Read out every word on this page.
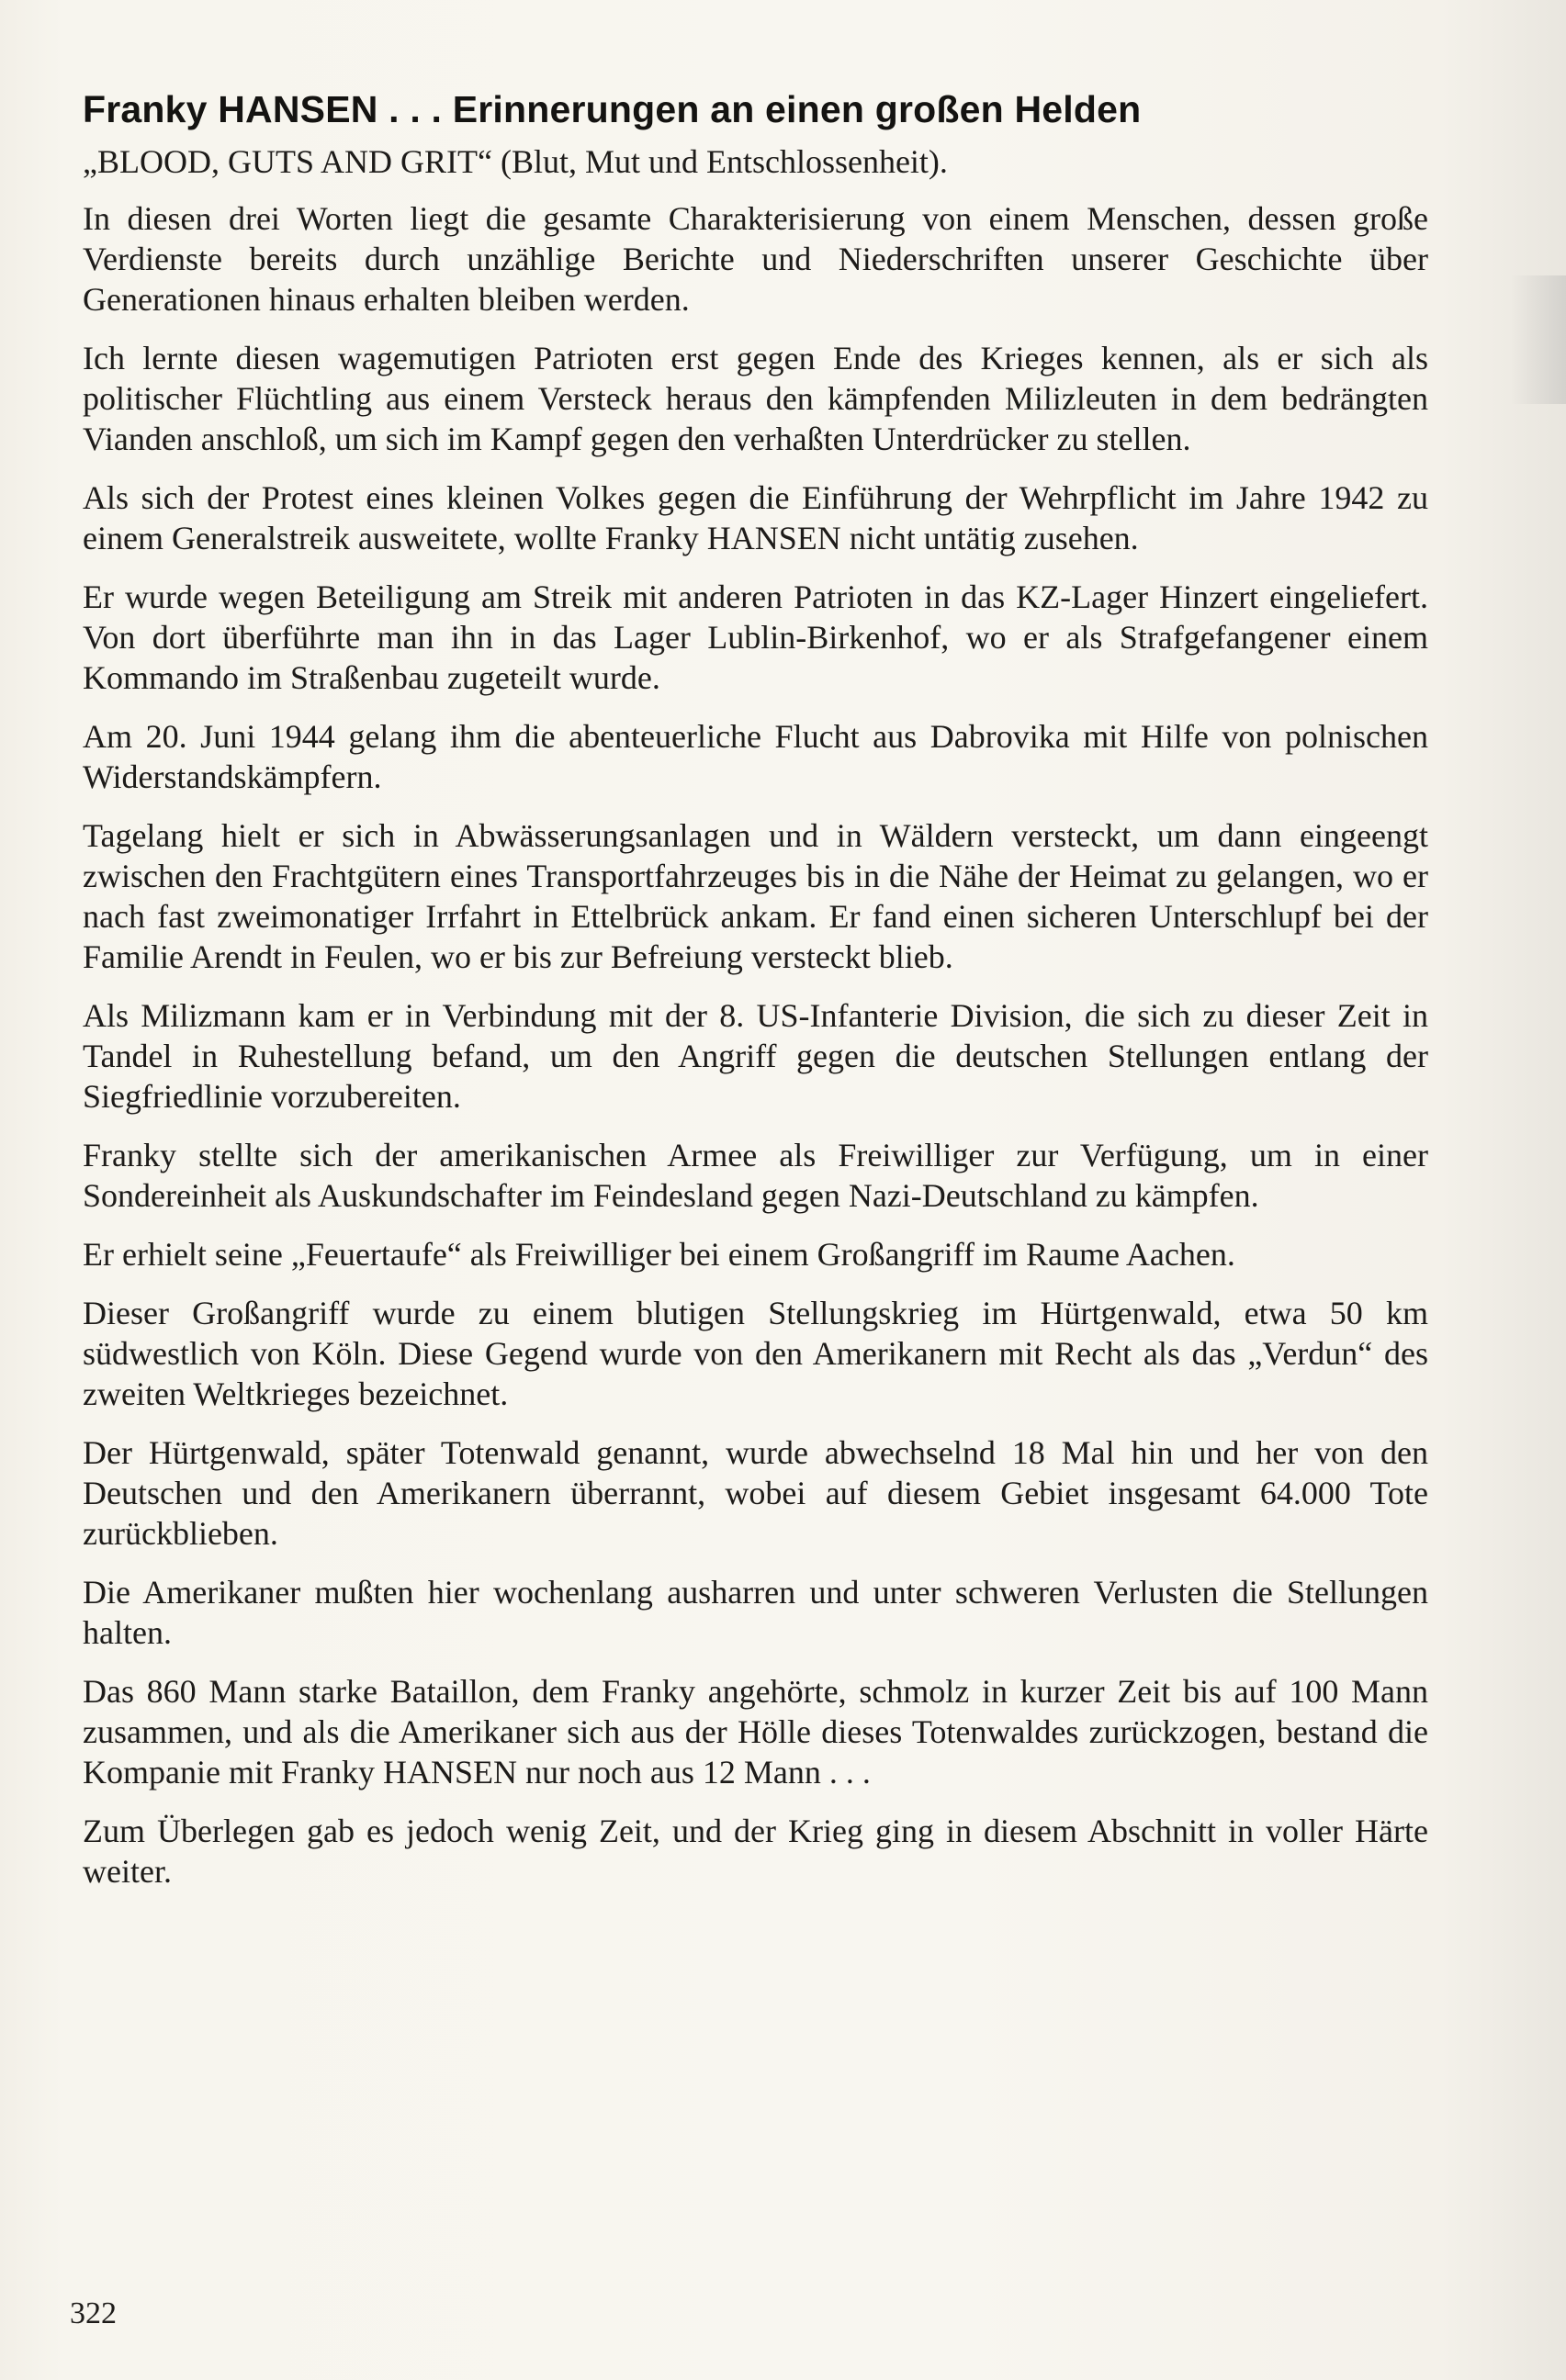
Franky HANSEN . . . Erinnerungen an einen großen Helden
„BLOOD, GUTS AND GRIT“ (Blut, Mut und Entschlossenheit).

In diesen drei Worten liegt die gesamte Charakterisierung von einem Menschen, dessen große Verdienste bereits durch unzählige Berichte und Niederschriften unserer Geschichte über Generationen hinaus erhalten bleiben werden.

Ich lernte diesen wagemutigen Patrioten erst gegen Ende des Krieges kennen, als er sich als politischer Flüchtling aus einem Versteck heraus den kämpfenden Milizleuten in dem bedrängten Vianden anschloß, um sich im Kampf gegen den verhaßten Unterdrücker zu stellen.

Als sich der Protest eines kleinen Volkes gegen die Einführung der Wehrpflicht im Jahre 1942 zu einem Generalstreik ausweitete, wollte Franky HANSEN nicht untätig zusehen.

Er wurde wegen Beteiligung am Streik mit anderen Patrioten in das KZ-Lager Hinzert eingeliefert. Von dort überführte man ihn in das Lager Lublin-Birkenhof, wo er als Strafgefangener einem Kommando im Straßenbau zugeteilt wurde.

Am 20. Juni 1944 gelang ihm die abenteuerliche Flucht aus Dabrovika mit Hilfe von polnischen Widerstandskämpfern.

Tagelang hielt er sich in Abwässerungsanlagen und in Wäldern versteckt, um dann eingeengt zwischen den Frachtgütern eines Transportfahrzeuges bis in die Nähe der Heimat zu gelangen, wo er nach fast zweimonatiger Irrfahrt in Ettelbrück ankam. Er fand einen sicheren Unterschlupf bei der Familie Arendt in Feulen, wo er bis zur Befreiung versteckt blieb.

Als Milizmann kam er in Verbindung mit der 8. US-Infanterie Division, die sich zu dieser Zeit in Tandel in Ruhestellung befand, um den Angriff gegen die deutschen Stellungen entlang der Siegfriedlinie vorzubereiten.

Franky stellte sich der amerikanischen Armee als Freiwilliger zur Verfügung, um in einer Sondereinheit als Auskundschafter im Feindesland gegen Nazi-Deutschland zu kämpfen.

Er erhielt seine „Feuertaufe“ als Freiwilliger bei einem Großangriff im Raume Aachen.

Dieser Großangriff wurde zu einem blutigen Stellungskrieg im Hürtgenwald, etwa 50 km südwestlich von Köln. Diese Gegend wurde von den Amerikanern mit Recht als das „Verdun“ des zweiten Weltkrieges bezeichnet.

Der Hürtgenwald, später Totenwald genannt, wurde abwechselnd 18 Mal hin und her von den Deutschen und den Amerikanern überrannt, wobei auf diesem Gebiet insgesamt 64.000 Tote zurückblieben.

Die Amerikaner mußten hier wochenlang ausharren und unter schweren Verlusten die Stellungen halten.

Das 860 Mann starke Bataillon, dem Franky angehörte, schmolz in kurzer Zeit bis auf 100 Mann zusammen, und als die Amerikaner sich aus der Hölle dieses Totenwaldes zurückzogen, bestand die Kompanie mit Franky HANSEN nur noch aus 12 Mann . . .

Zum Überlegen gab es jedoch wenig Zeit, und der Krieg ging in diesem Abschnitt in voller Härte weiter.

322
